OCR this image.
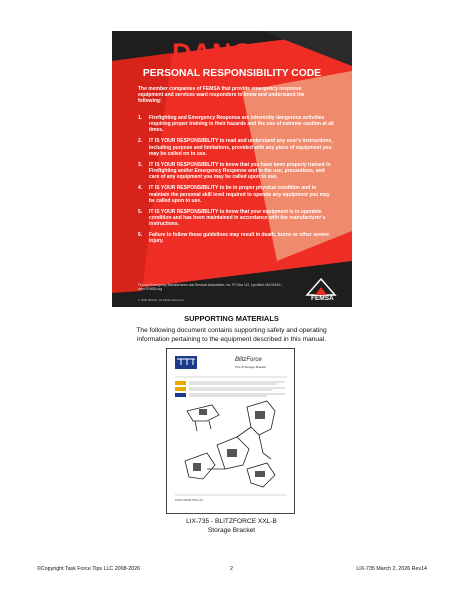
DANGER
PERSONAL RESPONSIBILITY CODE
The member companies of FEMSA that provide emergency response equipment and services want responders to know and understand the following:
1. Firefighting and Emergency Response are inherently dangerous activities requiring proper training in their hazards and the use of extreme caution at all times.
2. IT IS YOUR RESPONSIBILITY to read and understand any user's instructions, including purpose and limitations, provided with any piece of equipment you may be called on to use.
3. IT IS YOUR RESPONSIBILITY to know that you have been properly trained in Firefighting and/or Emergency Response and in the use, precautions, and care of any equipment you may be called upon to use.
4. IT IS YOUR RESPONSIBILITY to be in proper physical condition and to maintain the personal skill level required to operate any equipment you may be called upon to use.
5. IT IS YOUR RESPONSIBILITY to know that your equipment is in operable condition and has been maintained in accordance with the manufacturer's instructions.
6. Failure to follow these guidelines may result in death, burns or other severe injury.
Fire and Emergency Manufacturers and Services Association, Inc. PO Box 147, Lynnfield, MA 01940 • www.FEMSA.org
© 2006 FEMSA. All Rights Reserved.	FEMSA
SUPPORTING MATERIALS
The following document contains supporting safety and operating information pertaining to the equipment described in this manual.
BlitzForce
XXL-B Storage Bracket
TASK FORCE TIPS LLC
LIX-735 - BLITZFORCE XXL-B
Storage Bracket
©Copyright Task Force Tips LLC 2008-2026	2	LIX-735 March 2, 2026 Rev14
